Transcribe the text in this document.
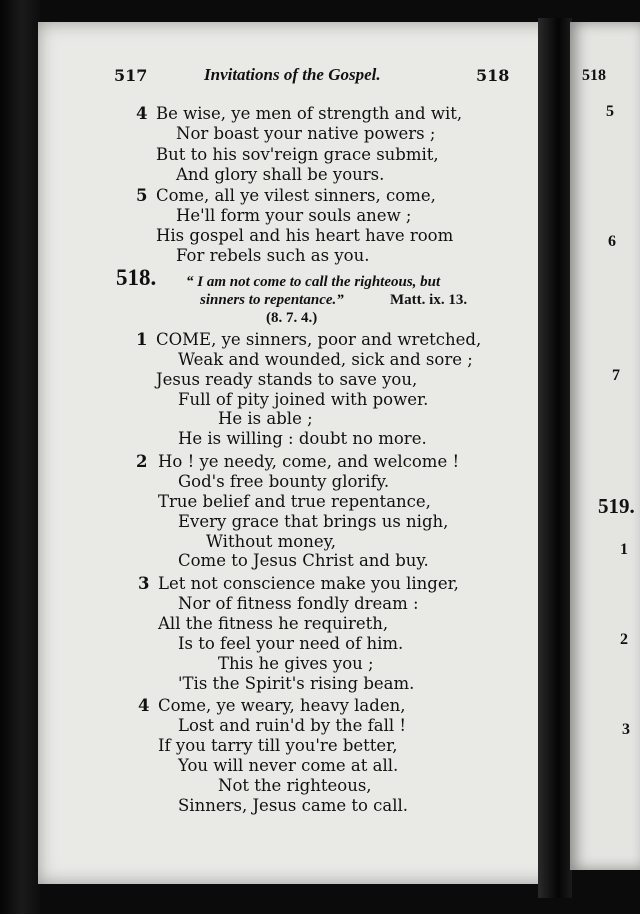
517	Invitations of the Gospel.	518

4 Be wise, ye men of strength and wit,

Nor boast your native powers ;

But to his sov'reign grace submit,

And glory shall be yours.

5 Come, all ye vilest sinners, come,

He'll form your souls anew ;

His gospel and his heart have room

For rebels such as you.

518. “ I am not come to call the righteous, but

sinners to repentance.”	Matt. ix. 13.

(8. 7. 4.)

1 COME, ye sinners, poor and wretched,

Weak and wounded, sick and sore ;

Jesus ready stands to save you,

Full of pity joined with power.

He is able ;

He is willing : doubt no more.

2 Ho ! ye needy, come, and welcome !

God's free bounty glorify.

True belief and true repentance,

Every grace that brings us nigh,

Without money,

Come to Jesus Christ and buy.

3 Let not conscience make you linger,

Nor of fitness fondly dream :

All the fitness he requireth,

Is to feel your need of him.

This he gives you ;

'Tis the Spirit's rising beam.

4 Come, ye weary, heavy laden,

Lost and ruin'd by the fall !

If you tarry till you're better,

You will never come at all.

Not the righteous,

Sinners, Jesus came to call.

518

5

6

7

519.

1

2

3
